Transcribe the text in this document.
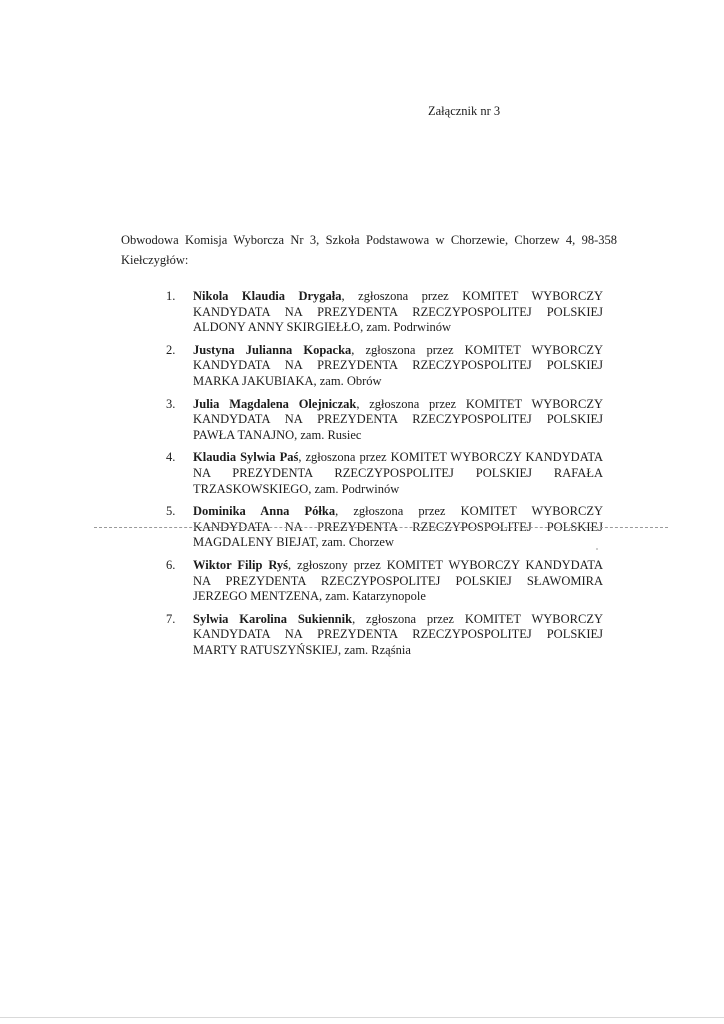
Załącznik nr 3
Obwodowa Komisja Wyborcza Nr 3, Szkoła Podstawowa w Chorzewie, Chorzew 4, 98-358
Kiełczygłów:
1. Nikola Klaudia Drygała, zgłoszona przez KOMITET WYBORCZY
KANDYDATA NA PREZYDENTA RZECZYPOSPOLITEJ POLSKIEJ
ALDONY ANNY SKIRGIEŁŁO, zam. Podrwinów
2. Justyna Julianna Kopacka, zgłoszona przez KOMITET WYBORCZY
KANDYDATA NA PREZYDENTA RZECZYPOSPOLITEJ POLSKIEJ
MARKA JAKUBIAKA, zam. Obrów
3. Julia Magdalena Olejniczak, zgłoszona przez KOMITET WYBORCZY
KANDYDATA NA PREZYDENTA RZECZYPOSPOLITEJ POLSKIEJ
PAWŁA TANAJNO, zam. Rusiec
4. Klaudia Sylwia Paś, zgłoszona przez KOMITET WYBORCZY KANDYDATA
NA PREZYDENTA RZECZYPOSPOLITEJ POLSKIEJ RAFAŁA
TRZASKOWSKIEGO, zam. Podrwinów
5. Dominika Anna Półka, zgłoszona przez KOMITET WYBORCZY
KANDYDATA NA PREZYDENTA RZECZYPOSPOLITEJ POLSKIEJ
MAGDALENY BIEJAT, zam. Chorzew
6. Wiktor Filip Ryś, zgłoszony przez KOMITET WYBORCZY KANDYDATA
NA PREZYDENTA RZECZYPOSPOLITEJ POLSKIEJ SŁAWOMIRA
JERZEGO MENTZENA, zam. Katarzynopole
7. Sylwia Karolina Sukiennik, zgłoszona przez KOMITET WYBORCZY
KANDYDATA NA PREZYDENTA RZECZYPOSPOLITEJ POLSKIEJ
MARTY RATUSZYŃSKIEJ, zam. Rząśnia
